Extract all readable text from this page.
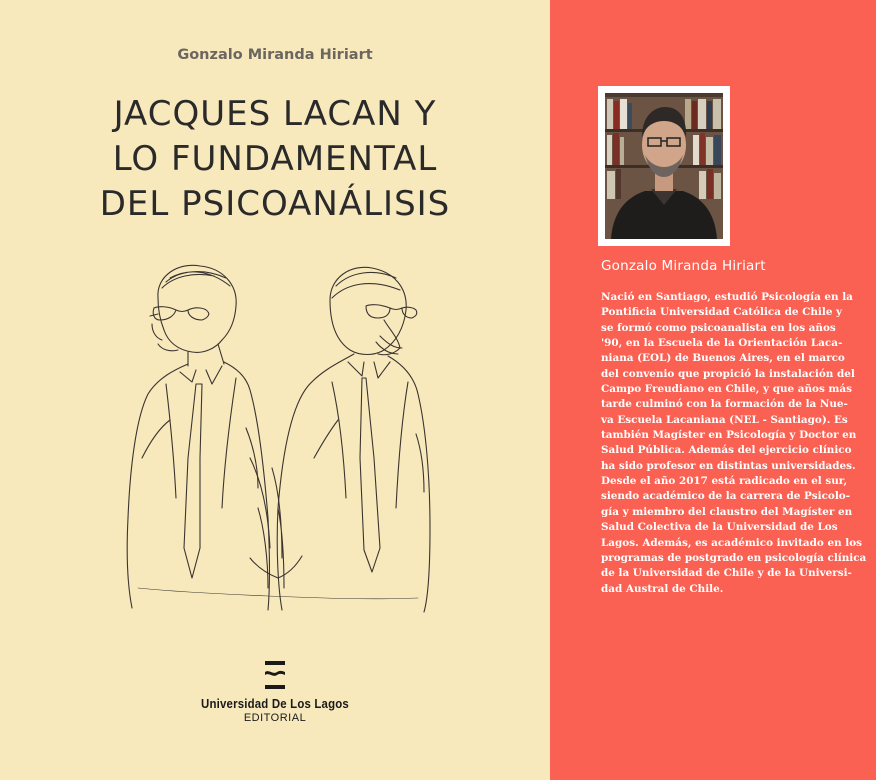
Gonzalo Miranda Hiriart
JACQUES LACAN Y
LO FUNDAMENTAL
DEL PSICOANÁLISIS
Universidad De Los Lagos
EDITORIAL
Gonzalo Miranda Hiriart
Nació en Santiago, estudió Psicología en la
Pontificia Universidad Católica de Chile y
se formó como psicoanalista en los años
'90, en la Escuela de la Orientación Laca-
niana (EOL) de Buenos Aires, en el marco
del convenio que propició la instalación del
Campo Freudiano en Chile, y que años más
tarde culminó con la formación de la Nue-
va Escuela Lacaniana (NEL - Santiago). Es
también Magíster en Psicología y Doctor en
Salud Pública. Además del ejercicio clínico
ha sido profesor en distintas universidades.
Desde el año 2017 está radicado en el sur,
siendo académico de la carrera de Psicolo-
gía y miembro del claustro del Magíster en
Salud Colectiva de la Universidad de Los
Lagos. Además, es académico invitado en los
programas de postgrado en psicología clínica
de la Universidad de Chile y de la Universi-
dad Austral de Chile.
